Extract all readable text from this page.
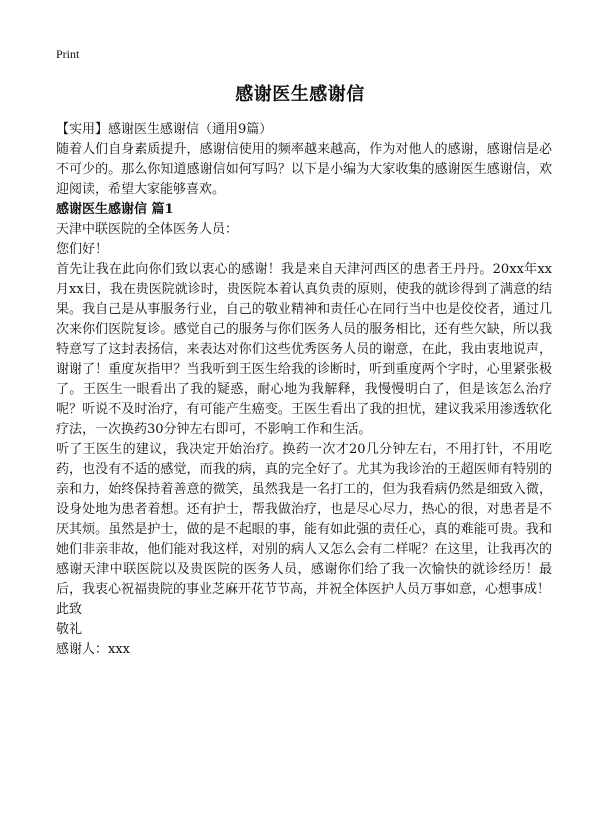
Print
感谢医生感谢信

【实用】感谢医生感谢信（通用9篇）

随着人们自身素质提升，感谢信使用的频率越来越高，作为对他人的感谢，感谢信是必不可少的。那么你知道感谢信如何写吗？以下是小编为大家收集的感谢医生感谢信，欢迎阅读，希望大家能够喜欢。

感谢医生感谢信 篇1

天津中联医院的全体医务人员：

您们好！

首先让我在此向你们致以衷心的感谢！我是来自天津河西区的患者王丹丹。20xx年xx月xx日，我在贵医院就诊时，贵医院本着认真负责的原则，使我的就诊得到了满意的结果。我自己是从事服务行业，自己的敬业精神和责任心在同行当中也是佼佼者，通过几次来你们医院复诊。感觉自己的服务与你们医务人员的服务相比，还有些欠缺，所以我特意写了这封表扬信，来表达对你们这些优秀医务人员的谢意，在此，我由衷地说声，谢谢了！重度灰指甲？当我听到王医生给我的诊断时，听到重度两个字时，心里紧张极了。王医生一眼看出了我的疑惑，耐心地为我解释，我慢慢明白了，但是该怎么治疗呢？听说不及时治疗，有可能产生癌变。王医生看出了我的担忧，建议我采用渗透软化疗法，一次换药30分钟左右即可，不影响工作和生活。

听了王医生的建议，我决定开始治疗。换药一次才20几分钟左右，不用打针，不用吃药，也没有不适的感觉，而我的病，真的完全好了。尤其为我诊治的王超医师有特别的亲和力，始终保持着善意的微笑，虽然我是一名打工的，但为我看病仍然是细致入微，设身处地为患者着想。还有护士，帮我做治疗，也是尽心尽力，热心的很，对患者是不厌其烦。虽然是护士，做的是不起眼的事，能有如此强的责任心，真的难能可贵。我和她们非亲非故，他们能对我这样，对别的病人又怎么会有二样呢？在这里，让我再次的感谢天津中联医院以及贵医院的医务人员，感谢你们给了我一次愉快的就诊经历！最后，我衷心祝福贵院的事业芝麻开花节节高，并祝全体医护人员万事如意，心想事成！

此致

敬礼

感谢人：xxx
